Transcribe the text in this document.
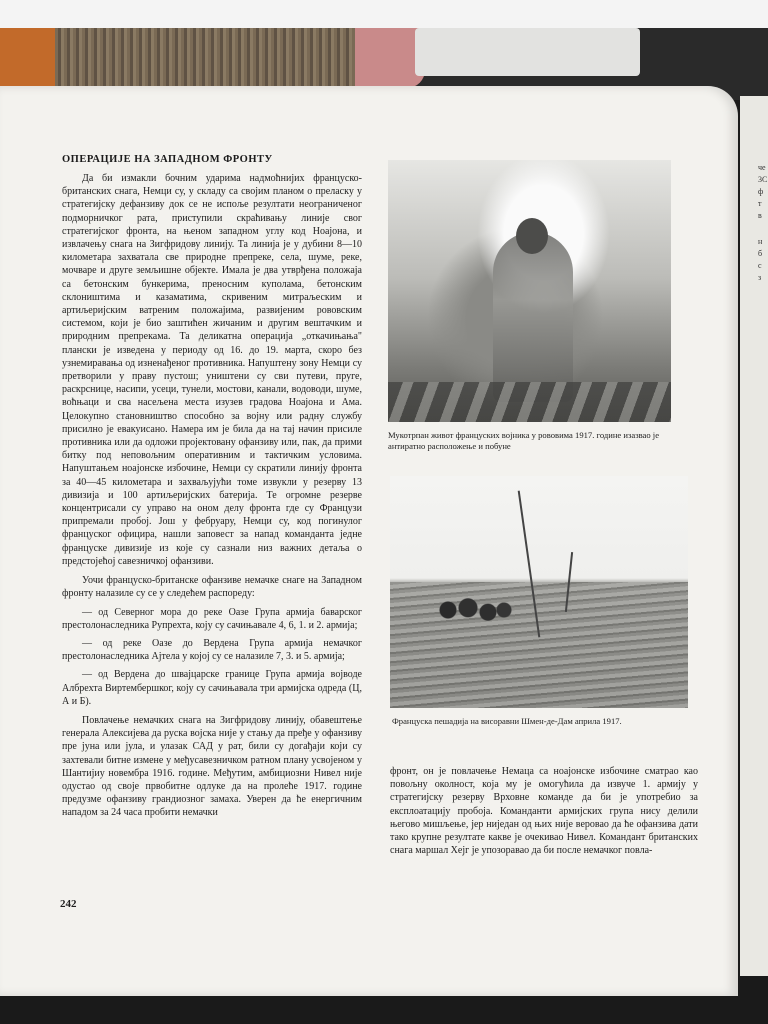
че
3С
ф
т
в
н
б
с
з
ОПЕРАЦИЈЕ НА ЗАПАДНОМ ФРОНТУ

Да би измакли бочним ударима надмоћнијих француско-британских снага, Немци су, у складу са својим планом о преласку у стратегијску дефанзиву док се не испоље резултати неограниченог подморничког рата, приступили скраћивању линије свог стратегијског фронта, на њеном западном углу код Ноајона, и извлачењу снага на Зигфридову линију. Та линија је у дубини 8—10 километара захватала све природне препреке, села, шуме, реке, мочваре и друге земљишне објекте. Имала је два утврђена положаја са бетонским бункерима, преносним куполама, бетонским склоништима и казаматима, скривеним митраљеским и артиљеријским ватреним положајима, развијеним рововским системом, који је био заштићен жичаним и другим вештачким и природним препрекама. Та деликатна операција „откачињања" плански је изведена у периоду од 16. до 19. марта, скоро без узнемиравања од изненађеног противника. Напуштену зону Немци су претворили у праву пустош; уништени су сви путеви, пруге, раскрснице, насипи, усеци, тунели, мостови, канали, водоводи, шуме, воћњаци и сва насељена места изузев градова Ноајона и Ама. Целокупно становништво способно за војну или радну службу присилно је евакуисано. Намера им је била да на тај начин присиле противника или да одложи пројектовану офанзиву или, пак, да прими битку под неповољним оперативним и тактичким условима. Напуштањем ноајонске избочине, Немци су скратили линију фронта за 40—45 километара и захваљујући томе извукли у резерву 13 дивизија и 100 артиљеријских батерија. Те огромне резерве концентрисали су управо на оном делу фронта где су Французи припремали пробој. Још у фебруару, Немци су, код погинулог француског официра, нашли заповест за напад команданта једне француске дивизије из које су сазнали низ важних детаља о предстојећој савезничкој офанзиви.

Уочи француско-британске офанзиве немачке снаге на Западном фронту налазиле су се у следећем распореду:

— од Северног мора до реке Оазе Група армија баварског престолонаследника Рупрехта, коју су сачињавале 4, 6, 1. и 2. армија;

— од реке Оазе до Вердена Група армија немачког престолонаследника Ајтела у којој су се налазиле 7, 3. и 5. армија;

— од Вердена до швајцарске границе Група армија војводе Албрехта Виртембершког, коју су сачињавала три армијска одреда (Ц, А и Б).

Повлачење немачких снага на Зигфридову линију, обавештење генерала Алексијева да руска војска није у стању да пређе у офанзиву пре јуна или јула, и улазак САД у рат, били су догађаји који су захтевали битне измене у међусавезничком ратном плану усвојеном у Шантијиу новембра 1916. године. Међутим, амбициозни Нивел није одустао од своје првобитне одлуке да на пролеће 1917. године предузме офанзиву грандиозног замаха. Уверен да ће енергичним нападом за 24 часа пробити немачки

Мукотрпан живот француских војника у рововима 1917. године изазвао је антиратно расположење и побуне
Француска пешадија на висоравни Шмен-де-Дам априла 1917.

фронт, он је повлачење Немаца са ноајонске избочине сматрао као повољну околност, која му је омогућила да извуче 1. армију у стратегијску резерву Врховне команде да би је употребио за експлоатацију пробоја. Команданти армијских група нису делили његово мишљење, јер ниједан од њих није веровао да ће офанзива дати тако крупне резултате какве је очекивао Нивел. Командант британских снага маршал Хејг је упозоравао да би после немачког повла-

242
